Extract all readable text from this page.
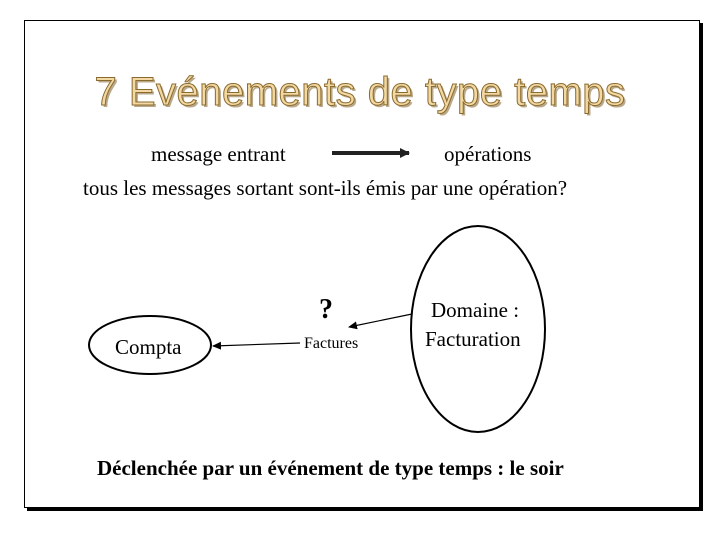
7 Evénements de type temps
message entrant	opérations
tous les messages sortant sont-ils émis par une opération?
?
Factures
Compta
Domaine :
Facturation
Déclenchée par un événement de type temps : le soir
